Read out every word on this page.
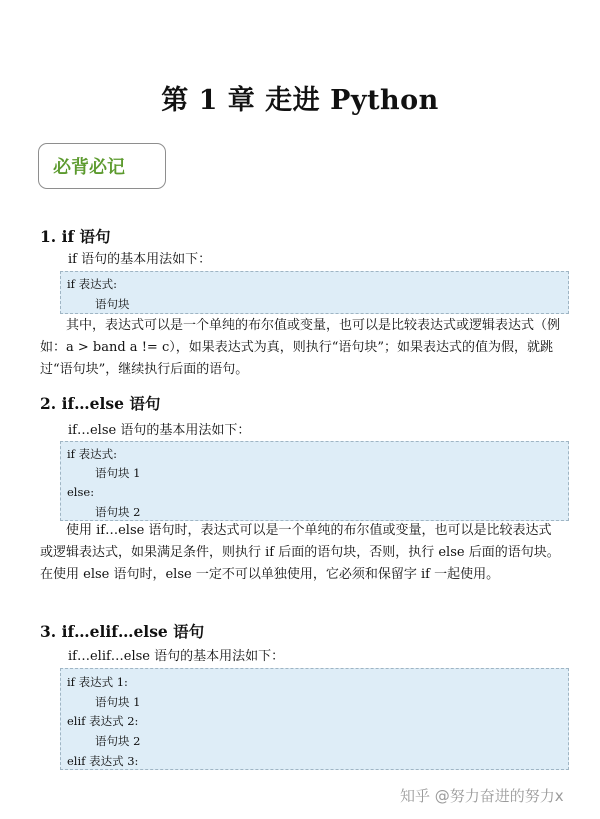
第 1 章 走进 Python
必背必记
1. if 语句
if 语句的基本用法如下：
if 表达式:
语句块
其中，表达式可以是一个单纯的布尔值或变量，也可以是比较表达式或逻辑表达式（例如：a > band a != c），如果表达式为真，则执行“语句块”；如果表达式的值为假，就跳过“语句块”，继续执行后面的语句。
2. if…else 语句
if…else 语句的基本用法如下：
if 表达式:
语句块 1
else:
语句块 2
使用 if…else 语句时，表达式可以是一个单纯的布尔值或变量，也可以是比较表达式或逻辑表达式，如果满足条件，则执行 if 后面的语句块，否则，执行 else 后面的语句块。在使用 else 语句时，else 一定不可以单独使用，它必须和保留字 if 一起使用。
3. if…elif…else 语句
if…elif…else 语句的基本用法如下：
if 表达式 1:
语句块 1
elif 表达式 2:
语句块 2
elif 表达式 3:
知乎 @努力奋进的努力x
